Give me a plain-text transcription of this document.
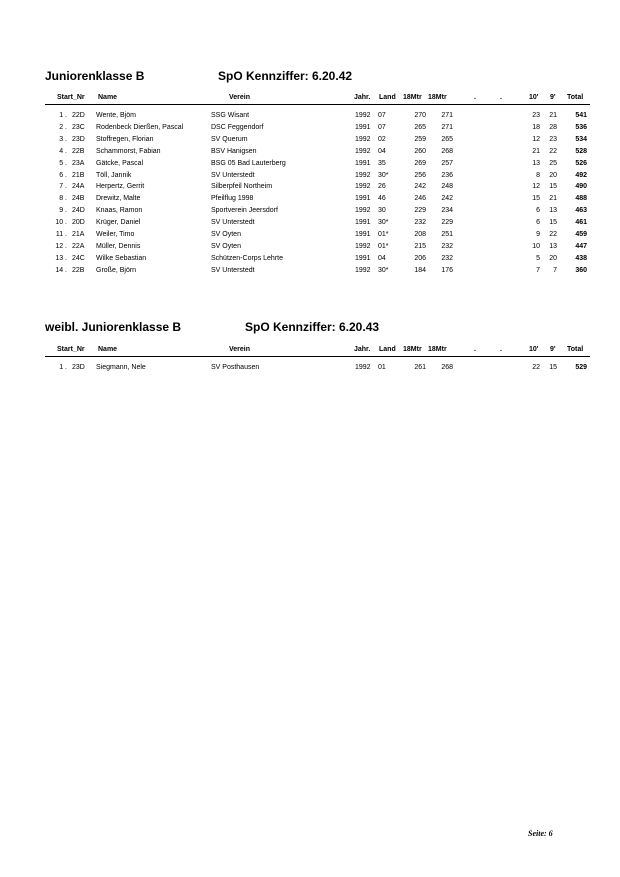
Juniorenklasse B	SpO Kennziffer: 6.20.42
Start_Nr Name	Verein	Jahr. Land 18Mtr 18Mtr	.	.	10' 9' Total
1 . 22D	Wente, Bjöm	SSG Wisant	1992	07	270	271	23	21	541
2 . 23C	Rodenbeck Dierßen, Pascal	DSC Feggendorf	1991	07	265	271	18	28	536
3 . 23D	Stoffregen, Florian	SV Querum	1992	02	259	265	12	23	534
4 . 22B	Schammorst, Fabian	BSV Hanigsen	1992	04	260	268	21	22	528
5 . 23A	Gätcke, Pascal	BSG 05 Bad Lauterberg	1991	35	269	257	13	25	526
6 . 21B	Töll, Jannik	SV Unterstedt	1992	30*	256	236	8	20	492
7 . 24A	Herpertz, Gerrit	Silberpfeil Northeim	1992	26	242	248	12	15	490
8 . 24B	Drewitz, Malte	Pfeilflug 1998	1991	46	246	242	15	21	488
9 . 24D	Knaas, Ramon	Sportverein Jeersdorf	1992	30	229	234	6	13	463
10 . 20D	Krüger, Daniel	SV Unterstedt	1991	30*	232	229	6	15	461
11 . 21A	Weiler, Timo	SV Oyten	1991	01*	208	251	9	22	459
12 . 22A	Müller, Dennis	SV Oyten	1992	01*	215	232	10	13	447
13 . 24C	Wilke Sebastian	Schützen-Corps Lehrte	1991	04	206	232	5	20	438
14 . 22B	Große, Björn	SV Unterstedt	1992	30*	184	176	7	7	360
weibl. Juniorenklasse B	SpO Kennziffer: 6.20.43
Start_Nr Name	Verein	Jahr. Land 18Mtr 18Mtr	.	.	10' 9' Total
1 . 23D	Siegmann, Nele	SV Posthausen	1992	01	261	268	22	15	529
Seite: 6
